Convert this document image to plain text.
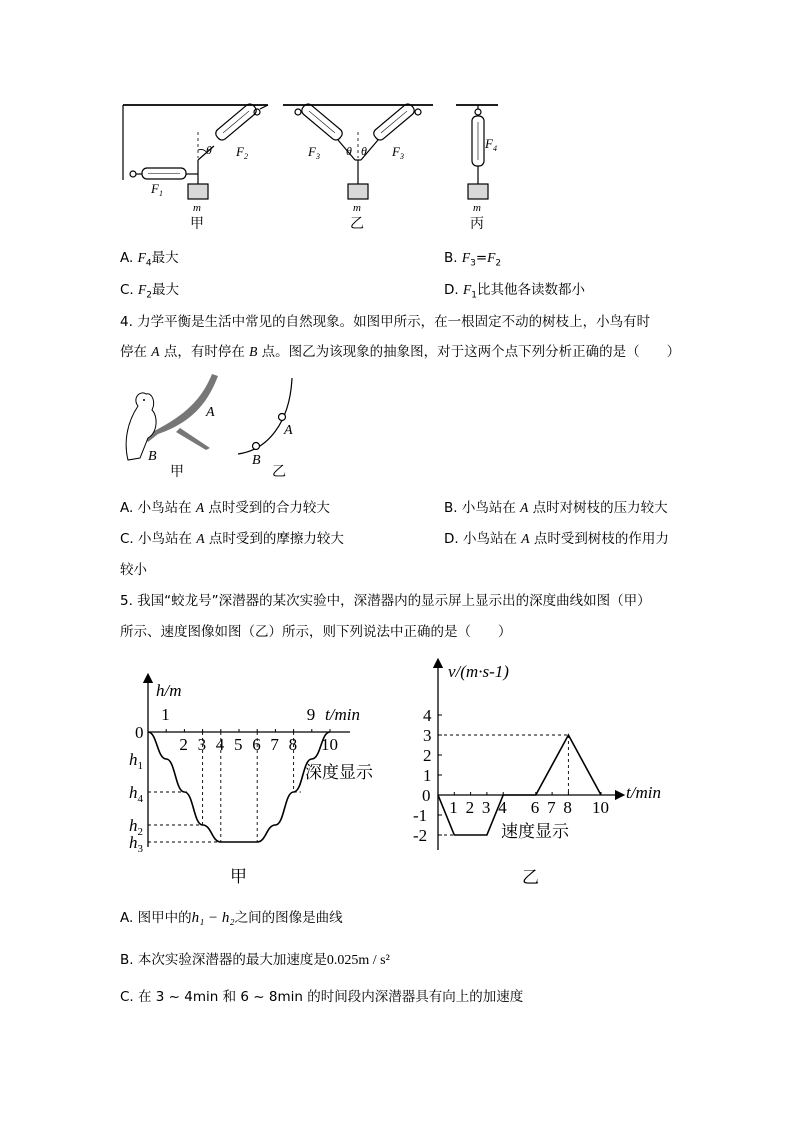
$F_1$
$F_2$
θ
m
甲
$F_3$	$F_3$
θ θ
m
乙
$F_4$
m
丙
A. $F_4$最大	B. $F_3=F_2$
C. $F_2$最大	D. $F_1$比其他各读数都小
4. 力学平衡是生活中常见的自然现象。如图甲所示，在一根固定不动的树枝上，小鸟有时
停在 A 点，有时停在 B 点。图乙为该现象的抽象图，对于这两个点下列分析正确的是（　　）
A
B
甲
A
B
乙
A. 小鸟站在 A 点时受到的合力较大	B. 小鸟站在 A 点时对树枝的压力较大
C. 小鸟站在 A 点时受到的摩擦力较大	D. 小鸟站在 A 点时受到树枝的作用力
较小
5. 我国“蛟龙号”深潜器的某次实验中，深潜器内的显示屏上显示出的深度曲线如图（甲）
所示、速度图像如图（乙）所示，则下列说法中正确的是（　　）
1
2 3 4 5 6 7 8
9
10
$h_1$
$h_4$
$h_2$
$h_3$
0
h/m
t/min
深度显示
甲
0
1 2 3 4 6 7 8 10
4
3
2
1
-1
-2
v/(m·s-1)
t/min
速度显示
乙
A. 图甲中的h₁ − h₂之间的图像是曲线
B. 本次实验深潜器的最大加速度是0.025m / s²
C. 在 3 ~ 4min 和 6 ~ 8min 的时间段内深潜器具有向上的加速度
